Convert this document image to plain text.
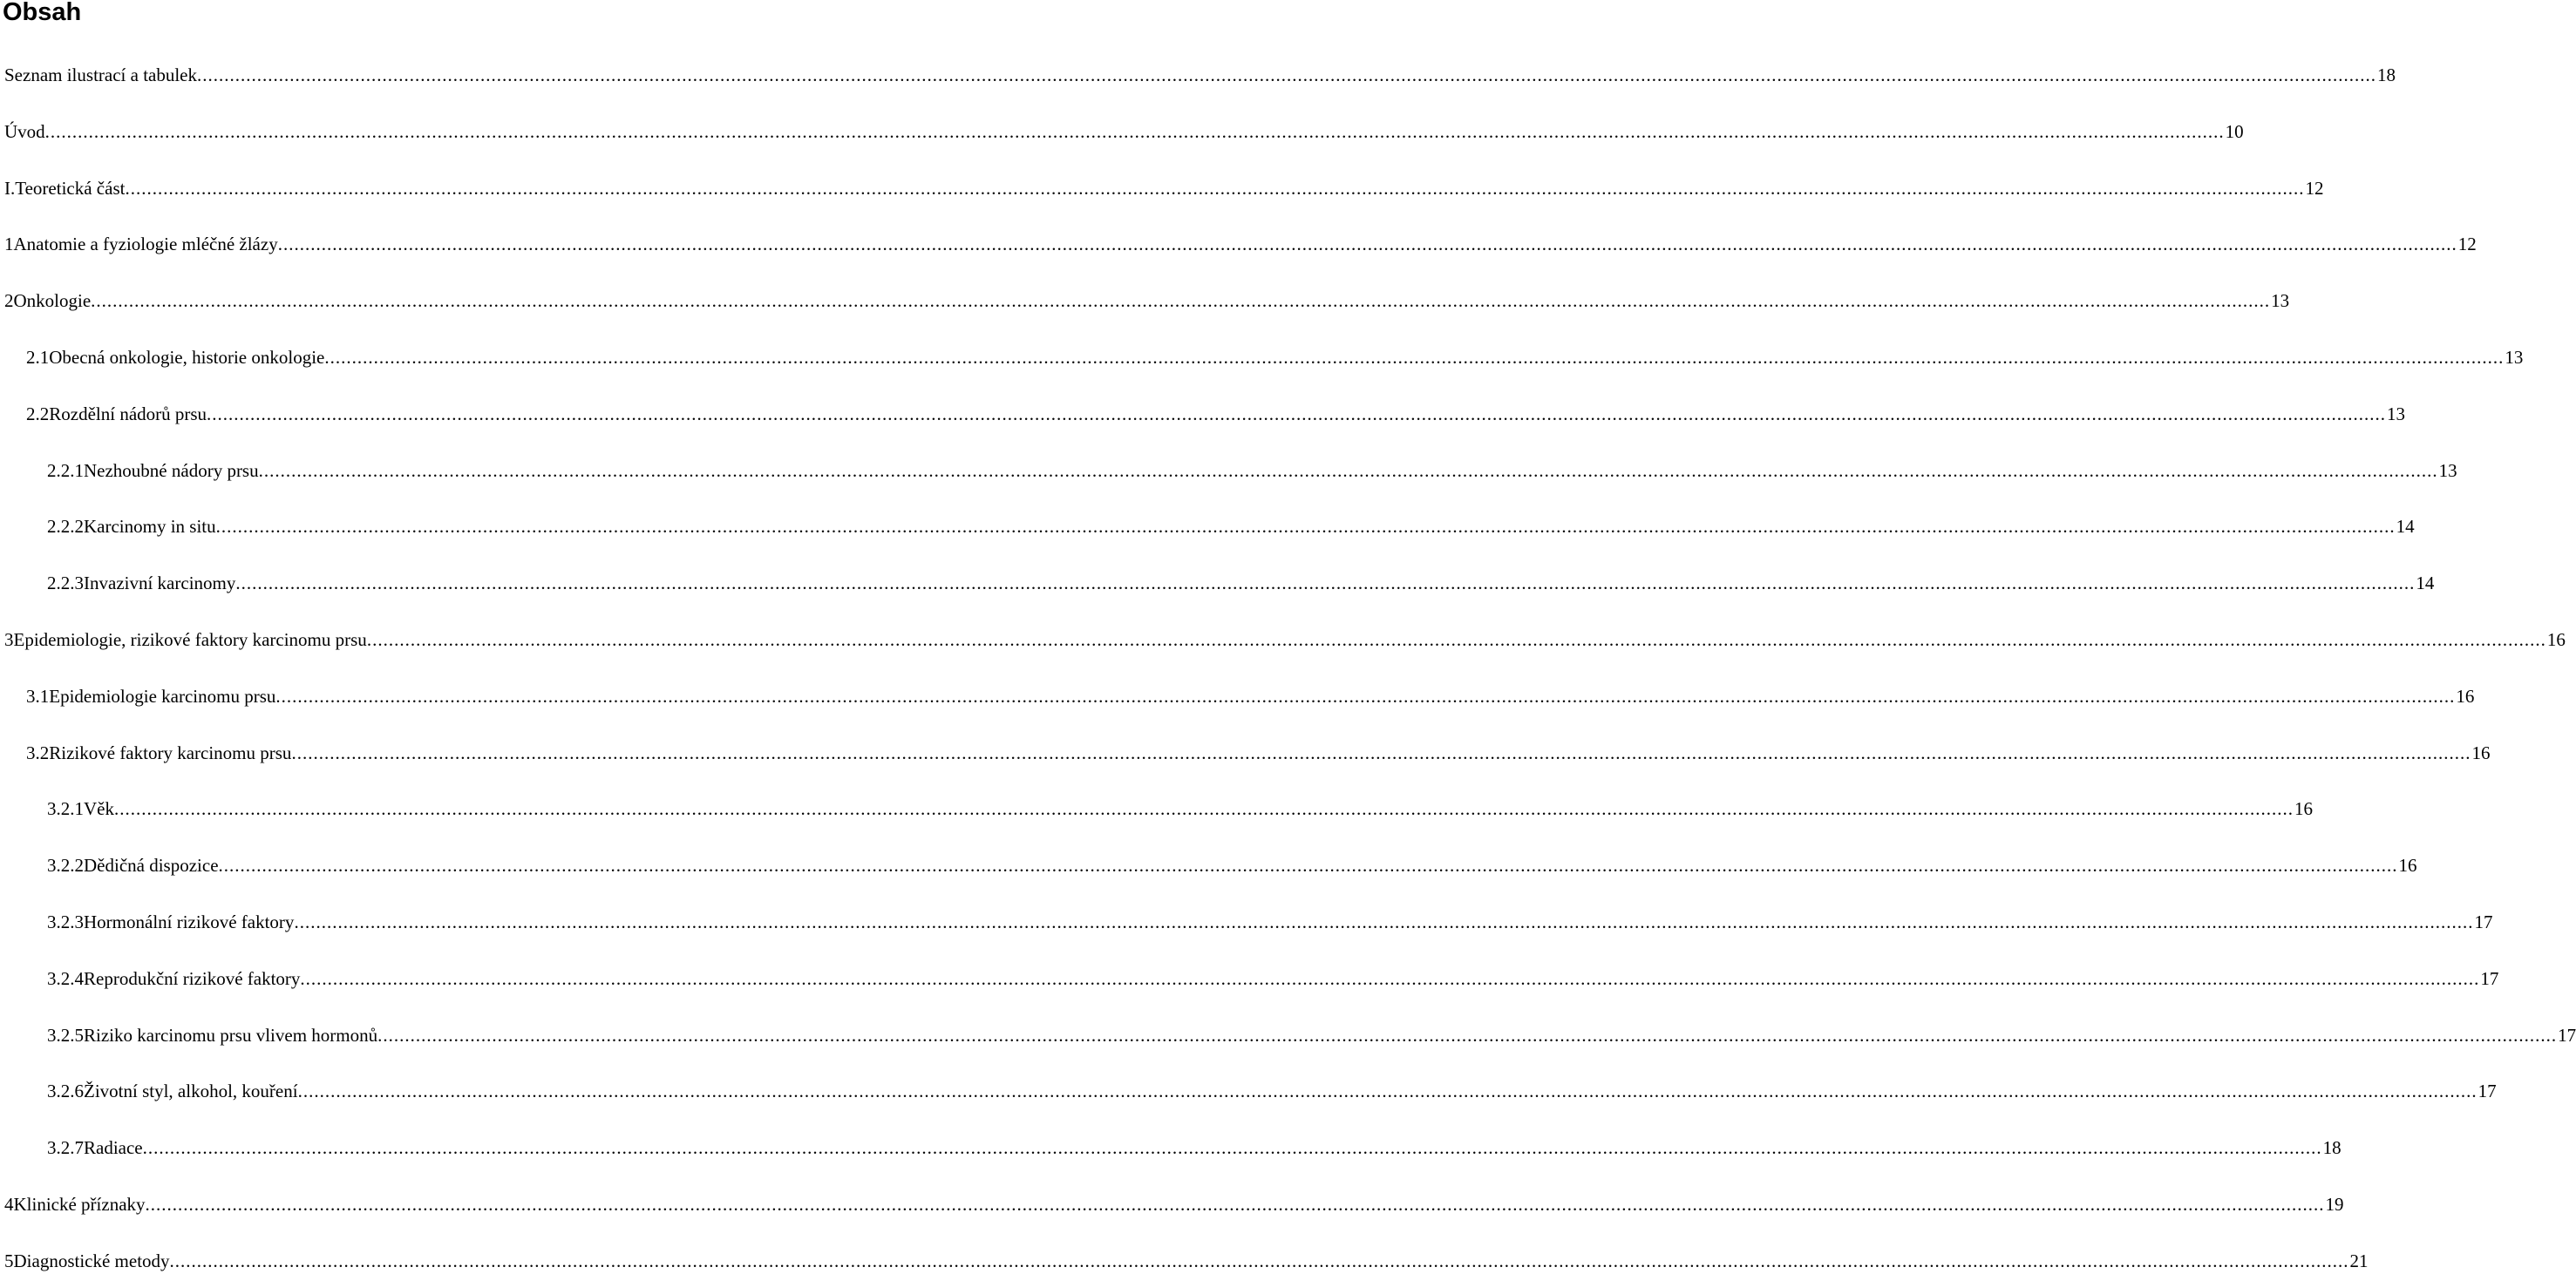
Obsah
Seznam ilustrací a tabulek ................................................................................................................................................................................................................................................................................................................................................................................................................ 18
Úvod ................................................................................................................................................................................................................................................................................................................................................................................................................ 10
I. Teoretická část ................................................................................................................................................................................................................................................................................................................................................................................................................ 12
1 Anatomie a fyziologie mléčné žlázy ................................................................................................................................................................................................................................................................................................................................................................................................................ 12
2 Onkologie ................................................................................................................................................................................................................................................................................................................................................................................................................ 13
2.1 Obecná onkologie, historie onkologie ................................................................................................................................................................................................................................................................................................................................................................................................................ 13
2.2 Rozdělní nádorů prsu ................................................................................................................................................................................................................................................................................................................................................................................................................ 13
2.2.1 Nezhoubné nádory prsu ................................................................................................................................................................................................................................................................................................................................................................................................................ 13
2.2.2 Karcinomy in situ ................................................................................................................................................................................................................................................................................................................................................................................................................ 14
2.2.3 Invazivní karcinomy ................................................................................................................................................................................................................................................................................................................................................................................................................ 14
3 Epidemiologie, rizikové faktory karcinomu prsu ................................................................................................................................................................................................................................................................................................................................................................................................................ 16
3.1 Epidemiologie karcinomu prsu ................................................................................................................................................................................................................................................................................................................................................................................................................ 16
3.2 Rizikové faktory karcinomu prsu ................................................................................................................................................................................................................................................................................................................................................................................................................ 16
3.2.1 Věk ................................................................................................................................................................................................................................................................................................................................................................................................................ 16
3.2.2 Dědičná dispozice ................................................................................................................................................................................................................................................................................................................................................................................................................ 16
3.2.3 Hormonální rizikové faktory ................................................................................................................................................................................................................................................................................................................................................................................................................ 17
3.2.4 Reprodukční rizikové faktory ................................................................................................................................................................................................................................................................................................................................................................................................................ 17
3.2.5 Riziko karcinomu prsu vlivem hormonů ................................................................................................................................................................................................................................................................................................................................................................................................................ 17
3.2.6 Životní styl, alkohol, kouření ................................................................................................................................................................................................................................................................................................................................................................................................................ 17
3.2.7 Radiace ................................................................................................................................................................................................................................................................................................................................................................................................................ 18
4 Klinické příznaky ................................................................................................................................................................................................................................................................................................................................................................................................................ 19
5 Diagnostické metody ................................................................................................................................................................................................................................................................................................................................................................................................................ 21
